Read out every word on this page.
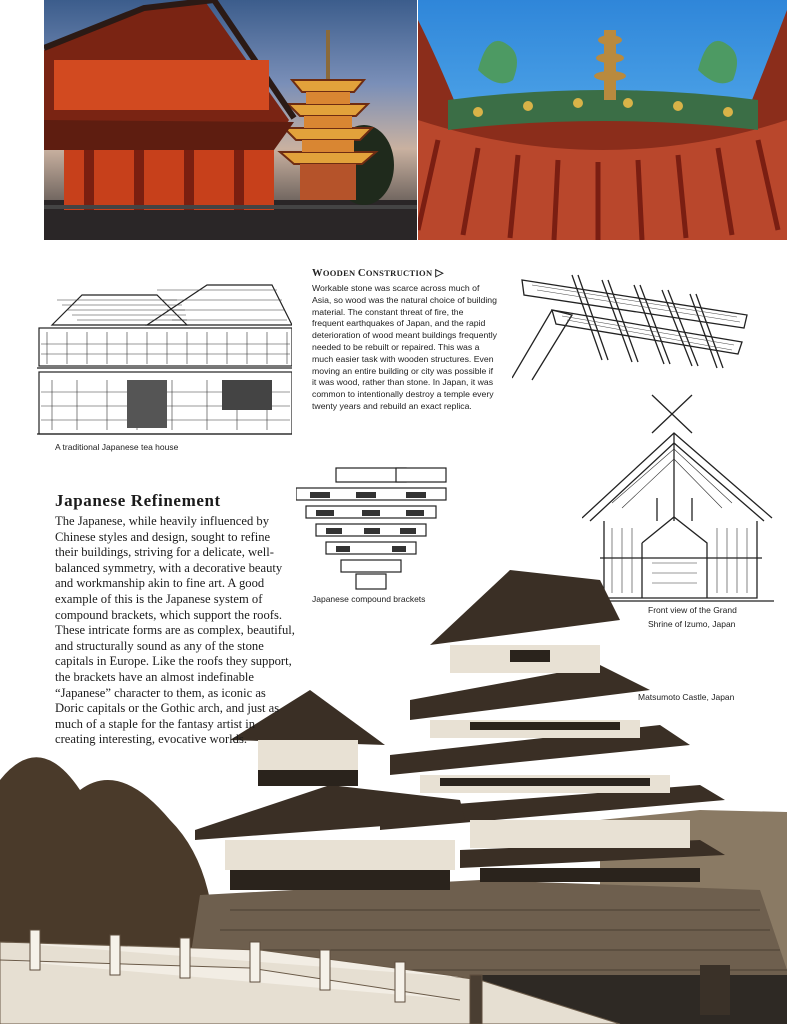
A traditional Japanese tea house
WOODEN CONSTRUCTION ▷
Workable stone was scarce across much of Asia, so wood was the natural choice of building material. The constant threat of fire, the frequent earthquakes of Japan, and the rapid deterioration of wood meant buildings frequently needed to be rebuilt or repaired. This was a much easier task with wooden structures. Even moving an entire building or city was possible if it was wood, rather than stone. In Japan, it was common to intentionally destroy a temple every twenty years and rebuild an exact replica.
Japanese compound brackets
Front view of the Grand
Shrine of Izumo, Japan
Matsumoto Castle, Japan
Japanese Refinement
The Japanese, while heavily influenced by Chinese styles and design, sought to refine their buildings, striving for a delicate, well-balanced symmetry, with a decorative beauty and workmanship akin to fine art. A good example of this is the Japanese system of compound brackets, which support the roofs. These intricate forms are as complex, beautiful, and structurally sound as any of the stone capitals in Europe. Like the roofs they support, the brackets have an almost indefinable “Japanese” character to them, as iconic as Doric capitals or the Gothic arch, and just as much of a staple for the fantasy artist in creating interesting, evocative worlds.
